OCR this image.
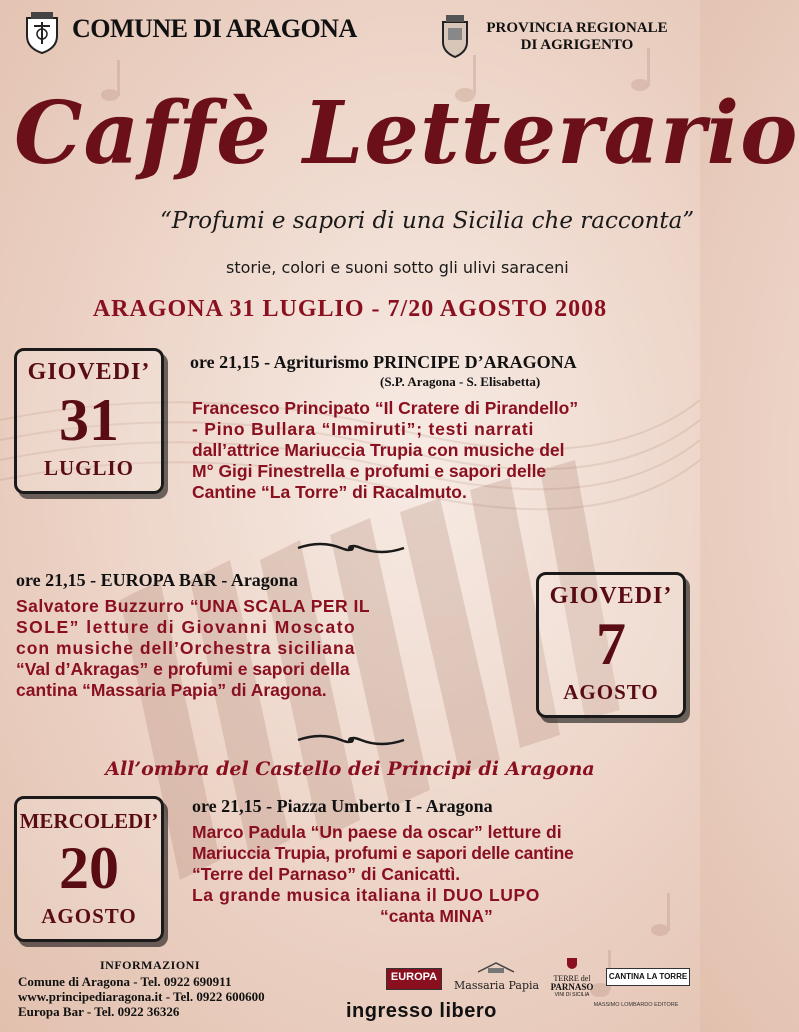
COMUNE DI ARAGONA	PROVINCIA REGIONALE
DI AGRIGENTO
Caffè Letterario
“Profumi e sapori di una Sicilia che racconta”
storie, colori e suoni sotto gli ulivi saraceni
ARAGONA 31 LUGLIO - 7/20 AGOSTO 2008
GIOVEDI’
31
LUGLIO
ore 21,15 - Agriturismo PRINCIPE D’ARAGONA
(S.P. Aragona - S. Elisabetta)
Francesco Principato “Il Cratere di Pirandello”
- Pino Bullara “Immiruti”; testi narrati
dall’attrice Mariuccia Trupia con musiche del
M° Gigi Finestrella e profumi e sapori delle
Cantine “La Torre” di Racalmuto.
ore 21,15 - EUROPA BAR - Aragona
Salvatore Buzzurro “UNA SCALA PER IL
SOLE” letture di Giovanni Moscato
con musiche dell’Orchestra siciliana
“Val d’Akragas” e profumi e sapori della
cantina “Massaria Papia” di Aragona.
GIOVEDI’
7
AGOSTO
All’ombra del Castello dei Principi di Aragona
MERCOLEDI’
20
AGOSTO
ore 21,15 - Piazza Umberto I - Aragona
Marco Padula “Un paese da oscar” letture di
Mariuccia Trupia, profumi e sapori delle cantine
“Terre del Parnaso” di Canicattì.
La grande musica italiana il DUO LUPO
“canta MINA”
INFORMAZIONI
Comune di Aragona - Tel. 0922 690911
www.principediaragona.it - Tel. 0922 600600
Europa Bar - Tel. 0922 36326
EUROPA
Massaria Papia
TERRE del
PARNASO
VINI DI SICILIA
CANTINA LA TORRE
MASSIMO LOMBARDO EDITORE
ingresso libero
